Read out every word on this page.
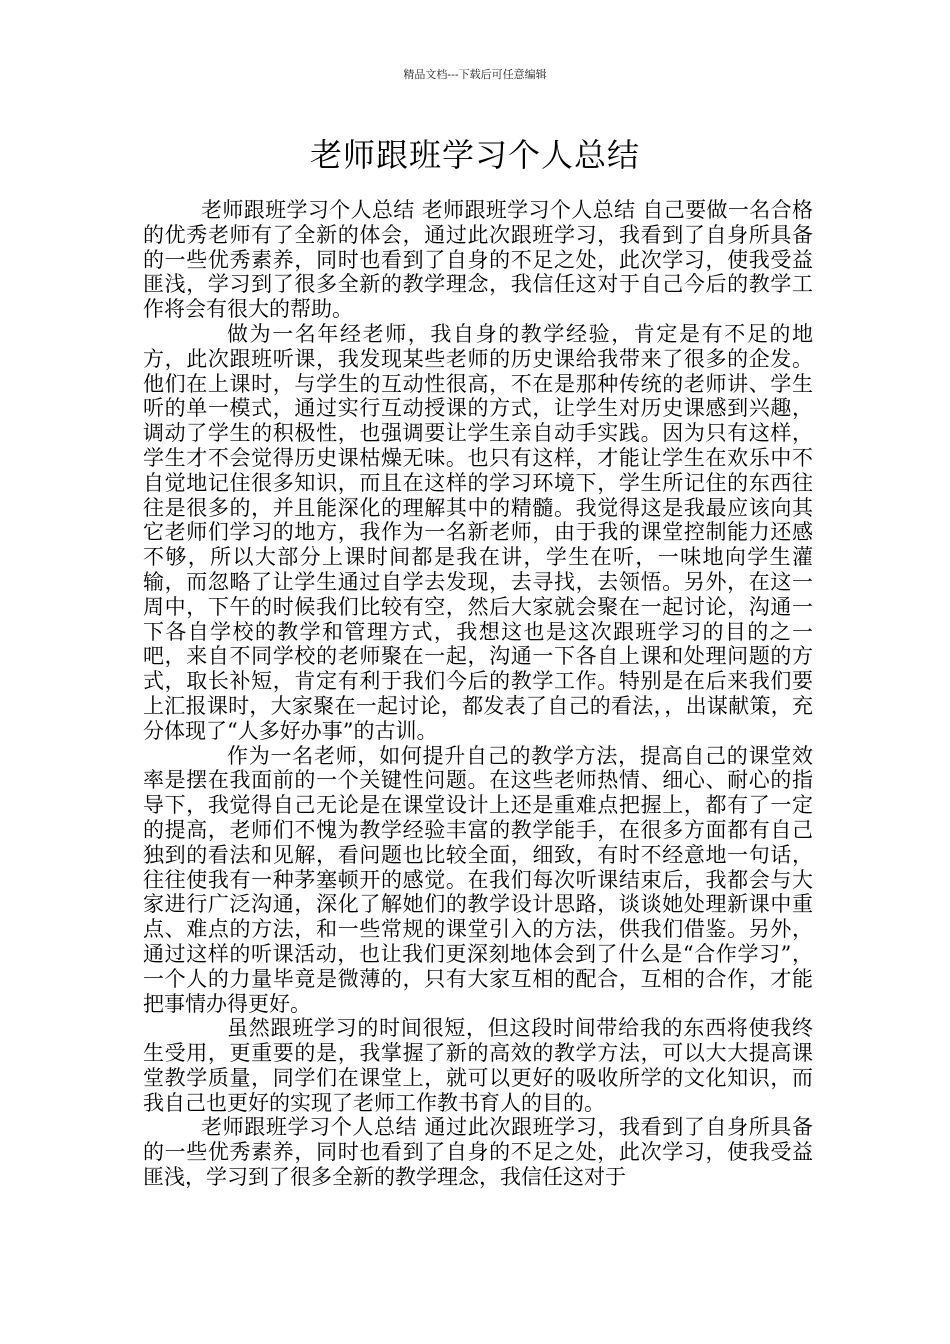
精品文档---下载后可任意编辑
老师跟班学习个人总结

老师跟班学习个人总结 老师跟班学习个人总结 自己要做一名合格的优秀老师有了全新的体会，通过此次跟班学习，我看到了自身所具备的一些优秀素养，同时也看到了自身的不足之处，此次学习，使我受益匪浅，学习到了很多全新的教学理念，我信任这对于自己今后的教学工作将会有很大的帮助。

做为一名年经老师，我自身的教学经验，肯定是有不足的地方，此次跟班听课，我发现某些老师的历史课给我带来了很多的企发。他们在上课时，与学生的互动性很高，不在是那种传统的老师讲、学生听的单一模式，通过实行互动授课的方式，让学生对历史课感到兴趣，调动了学生的积极性，也强调要让学生亲自动手实践。因为只有这样，学生才不会觉得历史课枯燥无味。也只有这样，才能让学生在欢乐中不自觉地记住很多知识，而且在这样的学习环境下，学生所记住的东西往往是很多的，并且能深化的理解其中的精髓。我觉得这是我最应该向其它老师们学习的地方，我作为一名新老师，由于我的课堂控制能力还感不够，所以大部分上课时间都是我在讲，学生在听，一味地向学生灌输，而忽略了让学生通过自学去发现，去寻找，去领悟。另外，在这一周中，下午的时候我们比较有空，然后大家就会聚在一起讨论，沟通一下各自学校的教学和管理方式，我想这也是这次跟班学习的目的之一吧，来自不同学校的老师聚在一起，沟通一下各自上课和处理问题的方式，取长补短，肯定有利于我们今后的教学工作。特别是在后来我们要上汇报课时，大家聚在一起讨论，都发表了自己的看法，，出谋献策，充分体现了“人多好办事”的古训。

作为一名老师，如何提升自己的教学方法，提高自己的课堂效率是摆在我面前的一个关键性问题。在这些老师热情、细心、耐心的指导下，我觉得自己无论是在课堂设计上还是重难点把握上，都有了一定的提高，老师们不愧为教学经验丰富的教学能手，在很多方面都有自己独到的看法和见解，看问题也比较全面，细致，有时不经意地一句话，往往使我有一种茅塞顿开的感觉。在我们每次听课结束后，我都会与大家进行广泛沟通，深化了解她们的教学设计思路，谈谈她处理新课中重点、难点的方法，和一些常规的课堂引入的方法，供我们借鉴。另外，通过这样的听课活动，也让我们更深刻地体会到了什么是“合作学习”，一个人的力量毕竟是微薄的，只有大家互相的配合，互相的合作，才能把事情办得更好。

虽然跟班学习的时间很短，但这段时间带给我的东西将使我终生受用，更重要的是，我掌握了新的高效的教学方法，可以大大提高课堂教学质量，同学们在课堂上，就可以更好的吸收所学的文化知识，而我自己也更好的实现了老师工作教书育人的目的。

老师跟班学习个人总结 通过此次跟班学习，我看到了自身所具备的一些优秀素养，同时也看到了自身的不足之处，此次学习，使我受益匪浅，学习到了很多全新的教学理念，我信任这对于
